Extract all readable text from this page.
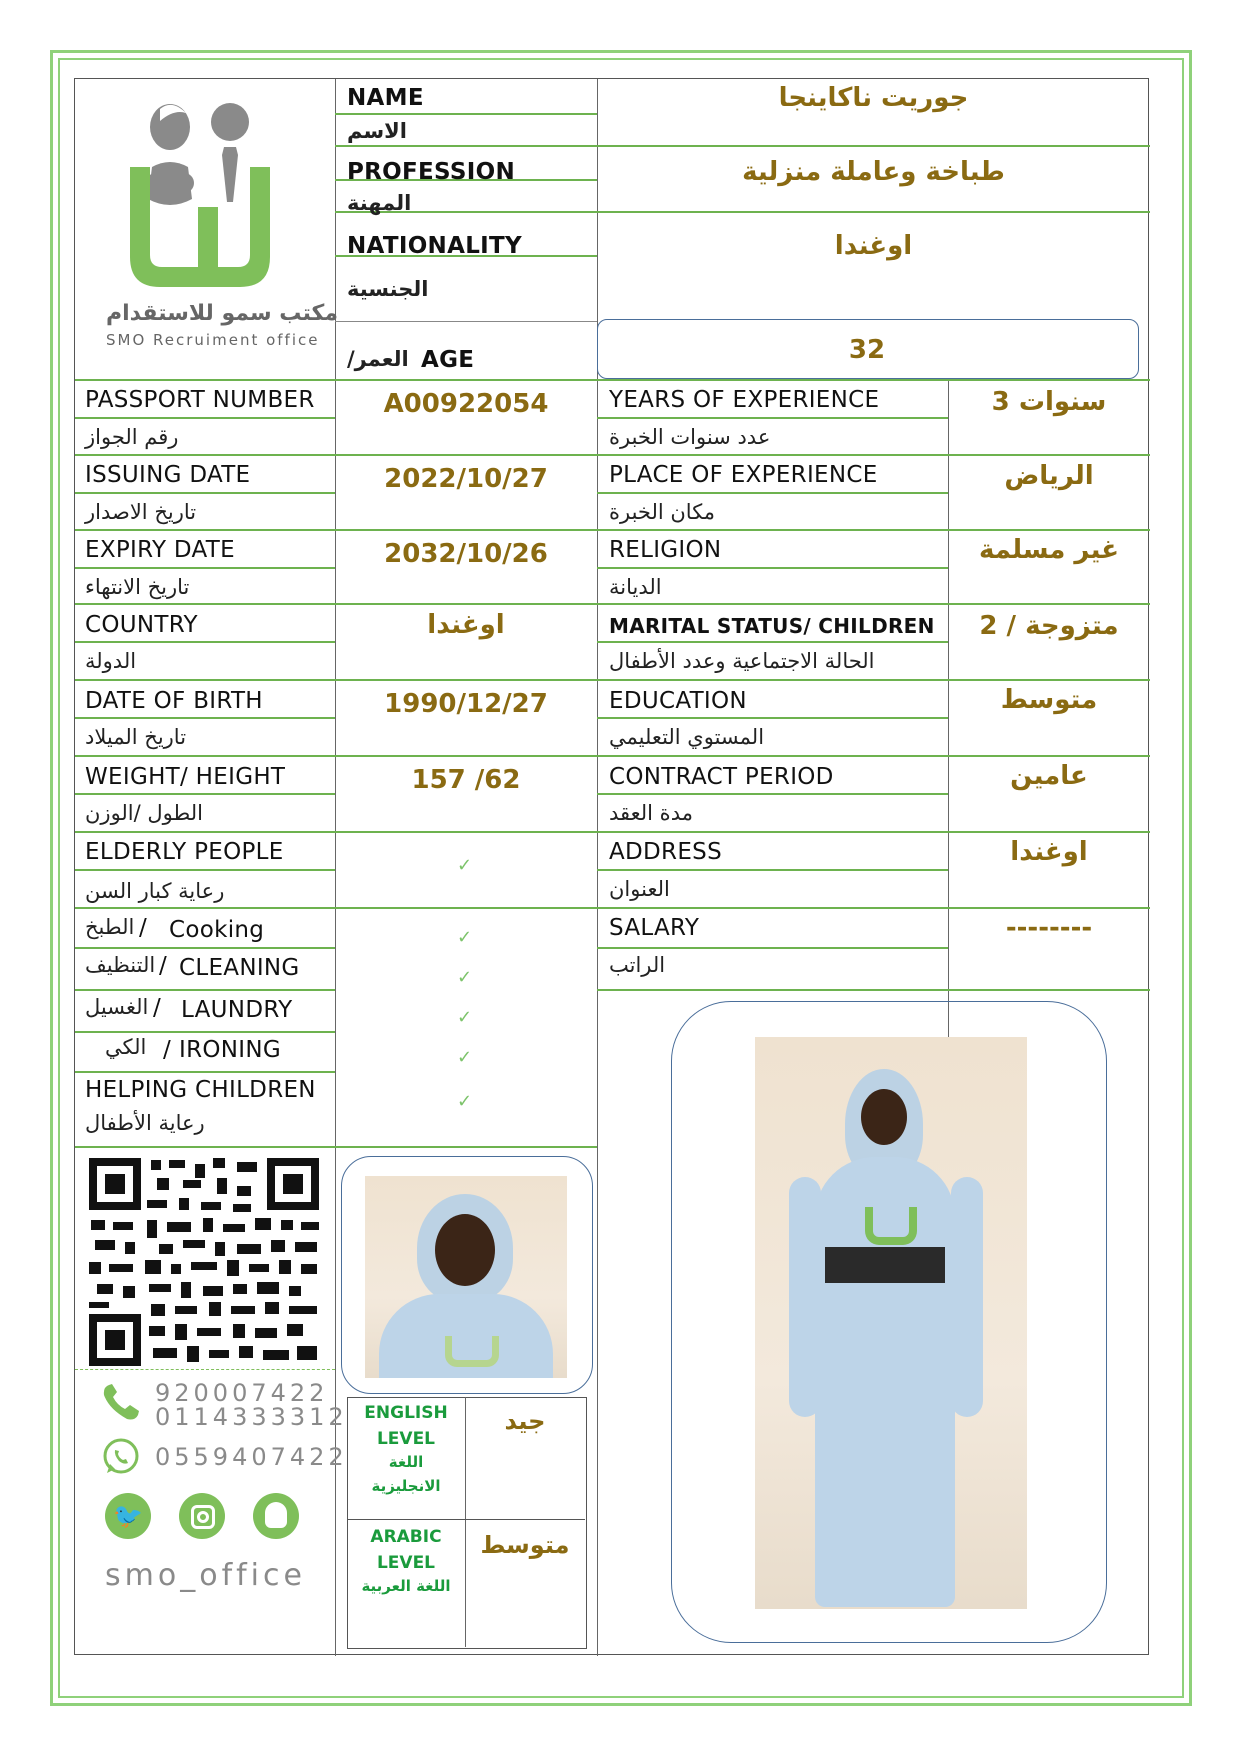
مكتب سمو للاستقدام
SMO Recruiment office
NAME
الاسم
جوريت ناكاينجا
PROFESSION
المهنة
طباخة وعاملة منزلية
NATIONALITY
الجنسية
اوغندا
العمر/ AGE	32
PASSPORT NUMBER
رقم الجواز
A00922054
ISSUING DATE
تاريخ الاصدار
2022/10/27
EXPIRY DATE
تاريخ الانتهاء
2032/10/26
COUNTRY
الدولة
اوغندا
DATE OF BIRTH
تاريخ الميلاد
1990/12/27
WEIGHT/ HEIGHT
الطول /الوزن
157 /62
ELDERLY PEOPLE
رعاية كبار السن
✓
الطبخ / Cooking	✓
التنظيف / CLEANING	✓
الغسيل / LAUNDRY	✓
الكي / IRONING	✓
HELPING CHILDREN
رعاية الأطفال
✓
YEARS OF EXPERIENCE
عدد سنوات الخبرة
3 سنوات
PLACE OF EXPERIENCE
مكان الخبرة
الرياض
RELIGION
الديانة
غير مسلمة
MARITAL STATUS/ CHILDREN
الحالة الاجتماعية وعدد الأطفال
متزوجة / 2
EDUCATION
المستوي التعليمي
متوسط
CONTRACT PERIOD
مدة العقد
عامين
ADDRESS
العنوان
اوغندا
SALARY
الراتب
--------
920007422
0114333312
0559407422
🐦
smo_office
ENGLISH
LEVEL
اللغة
الانجليزية
جيد
ARABIC
LEVEL
اللغة العربية
متوسط
